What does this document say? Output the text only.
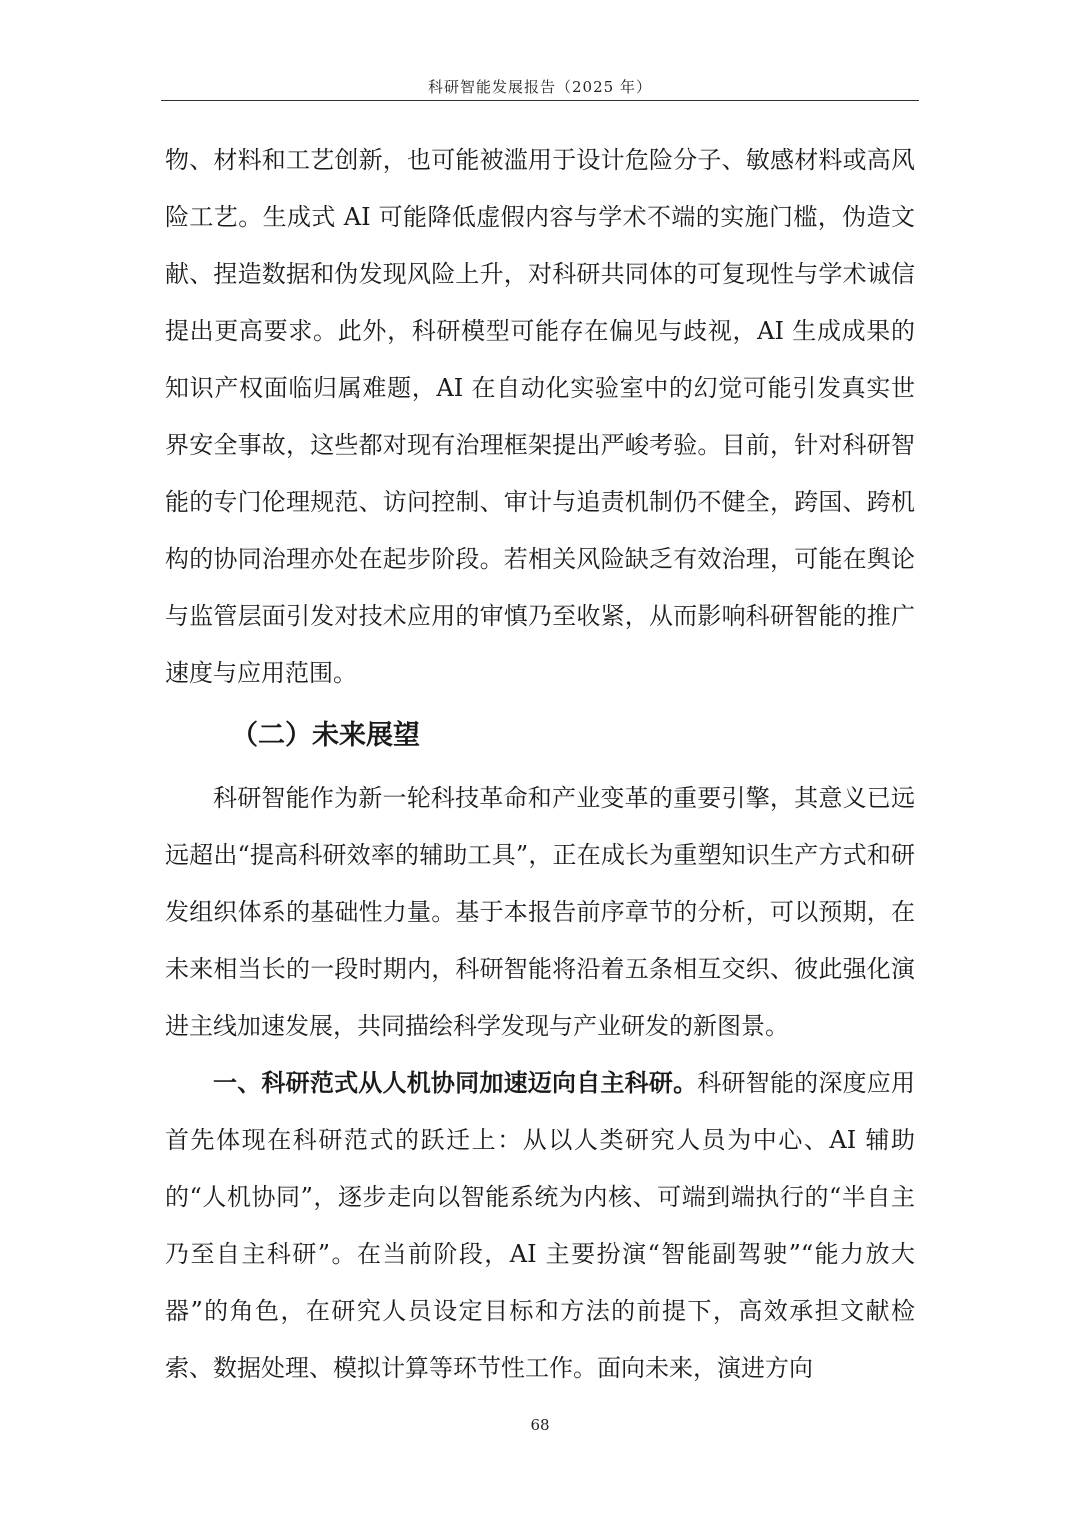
科研智能发展报告（2025 年）

物、材料和工艺创新，也可能被滥用于设计危险分子、敏感材料或高风险工艺。生成式 AI 可能降低虚假内容与学术不端的实施门槛，伪造文献、捏造数据和伪发现风险上升，对科研共同体的可复现性与学术诚信提出更高要求。此外，科研模型可能存在偏见与歧视，AI 生成成果的知识产权面临归属难题，AI 在自动化实验室中的幻觉可能引发真实世界安全事故，这些都对现有治理框架提出严峻考验。目前，针对科研智能的专门伦理规范、访问控制、审计与追责机制仍不健全，跨国、跨机构的协同治理亦处在起步阶段。若相关风险缺乏有效治理，可能在舆论与监管层面引发对技术应用的审慎乃至收紧，从而影响科研智能的推广速度与应用范围。

（二）未来展望

科研智能作为新一轮科技革命和产业变革的重要引擎，其意义已远远超出“提高科研效率的辅助工具”，正在成长为重塑知识生产方式和研发组织体系的基础性力量。基于本报告前序章节的分析，可以预期，在未来相当长的一段时期内，科研智能将沿着五条相互交织、彼此强化演进主线加速发展，共同描绘科学发现与产业研发的新图景。

一、科研范式从人机协同加速迈向自主科研。科研智能的深度应用首先体现在科研范式的跃迁上：从以人类研究人员为中心、AI 辅助的“人机协同”，逐步走向以智能系统为内核、可端到端执行的“半自主乃至自主科研”。在当前阶段，AI 主要扮演“智能副驾驶”“能力放大器”的角色，在研究人员设定目标和方法的前提下，高效承担文献检索、数据处理、模拟计算等环节性工作。面向未来，演进方向

68
